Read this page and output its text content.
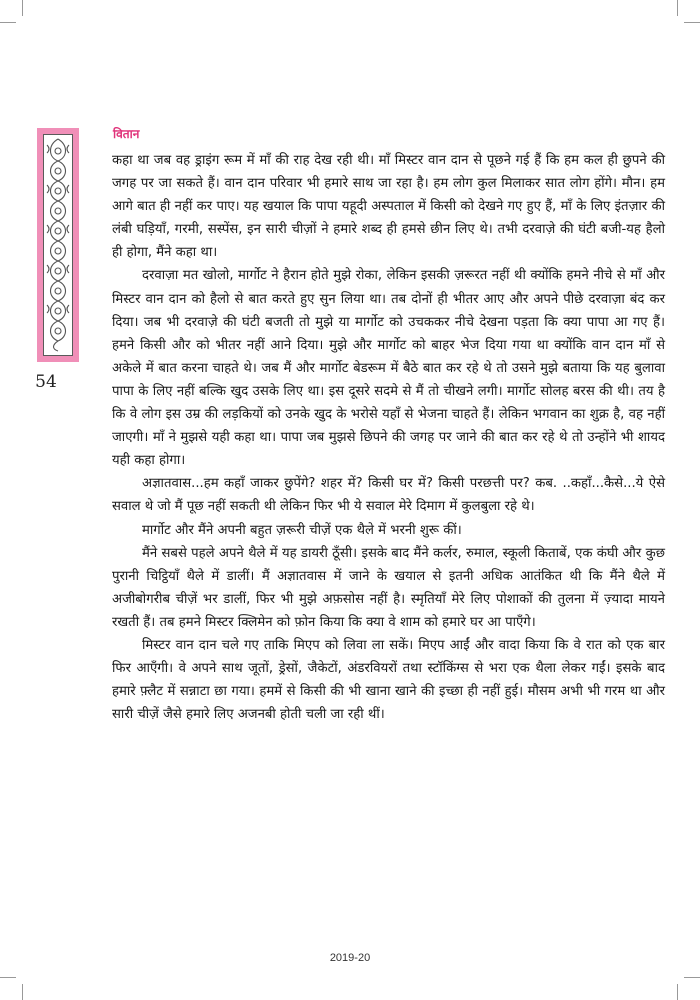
54
वितान

कहा था जब वह ड्राइंग रूम में माँ की राह देख रही थी। माँ मिस्टर वान दान से पूछने गई हैं कि हम कल ही छुपने की जगह पर जा सकते हैं। वान दान परिवार भी हमारे साथ जा रहा है। हम लोग कुल मिलाकर सात लोग होंगे। मौन। हम आगे बात ही नहीं कर पाए। यह खयाल कि पापा यहूदी अस्पताल में किसी को देखने गए हुए हैं, माँ के लिए इंतज़ार की लंबी घड़ियाँ, गरमी, सस्पेंस, इन सारी चीज़ों ने हमारे शब्द ही हमसे छीन लिए थे। तभी दरवाज़े की घंटी बजी-यह हैलो ही होगा, मैंने कहा था।

दरवाज़ा मत खोलो, मार्गोट ने हैरान होते मुझे रोका, लेकिन इसकी ज़रूरत नहीं थी क्योंकि हमने नीचे से माँ और मिस्टर वान दान को हैलो से बात करते हुए सुन लिया था। तब दोनों ही भीतर आए और अपने पीछे दरवाज़ा बंद कर दिया। जब भी दरवाज़े की घंटी बजती तो मुझे या मार्गोट को उचककर नीचे देखना पड़ता कि क्या पापा आ गए हैं। हमने किसी और को भीतर नहीं आने दिया। मुझे और मार्गोट को बाहर भेज दिया गया था क्योंकि वान दान माँ से अकेले में बात करना चाहते थे। जब मैं और मार्गोट बेडरूम में बैठे बात कर रहे थे तो उसने मुझे बताया कि यह बुलावा पापा के लिए नहीं बल्कि खुद उसके लिए था। इस दूसरे सदमे से मैं तो चीखने लगी। मार्गोट सोलह बरस की थी। तय है कि वे लोग इस उम्र की लड़कियों को उनके खुद के भरोसे यहाँ से भेजना चाहते हैं। लेकिन भगवान का शुक्र है, वह नहीं जाएगी। माँ ने मुझसे यही कहा था। पापा जब मुझसे छिपने की जगह पर जाने की बात कर रहे थे तो उन्होंने भी शायद यही कहा होगा।

अज्ञातवास...हम कहाँ जाकर छुपेंगे? शहर में? किसी घर में? किसी परछत्ती पर? कब. ..कहाँ...कैसे...ये ऐसे सवाल थे जो मैं पूछ नहीं सकती थी लेकिन फिर भी ये सवाल मेरे दिमाग में कुलबुला रहे थे।

मार्गोट और मैंने अपनी बहुत ज़रूरी चीज़ें एक थैले में भरनी शुरू कीं।

मैंने सबसे पहले अपने थैले में यह डायरी ठूँसी। इसके बाद मैंने कर्लर, रुमाल, स्कूली किताबें, एक कंघी और कुछ पुरानी चिट्ठियाँ थैले में डालीं। मैं अज्ञातवास में जाने के खयाल से इतनी अधिक आतंकित थी कि मैंने थैले में अजीबोगरीब चीज़ें भर डालीं, फिर भी मुझे अफ़सोस नहीं है। स्मृतियाँ मेरे लिए पोशाकों की तुलना में ज़्यादा मायने रखती हैं। तब हमने मिस्टर क्लिमेन को फ़ोन किया कि क्या वे शाम को हमारे घर आ पाएँगे।

मिस्टर वान दान चले गए ताकि मिएप को लिवा ला सकें। मिएप आईं और वादा किया कि वे रात को एक बार फिर आएँगी। वे अपने साथ जूतों, ड्रेसों, जैकेटों, अंडरवियरों तथा स्टॉकिंग्स से भरा एक थैला लेकर गईं। इसके बाद हमारे फ़्लैट में सन्नाटा छा गया। हममें से किसी की भी खाना खाने की इच्छा ही नहीं हुई। मौसम अभी भी गरम था और सारी चीज़ें जैसे हमारे लिए अजनबी होती चली जा रही थीं।

2019-20
